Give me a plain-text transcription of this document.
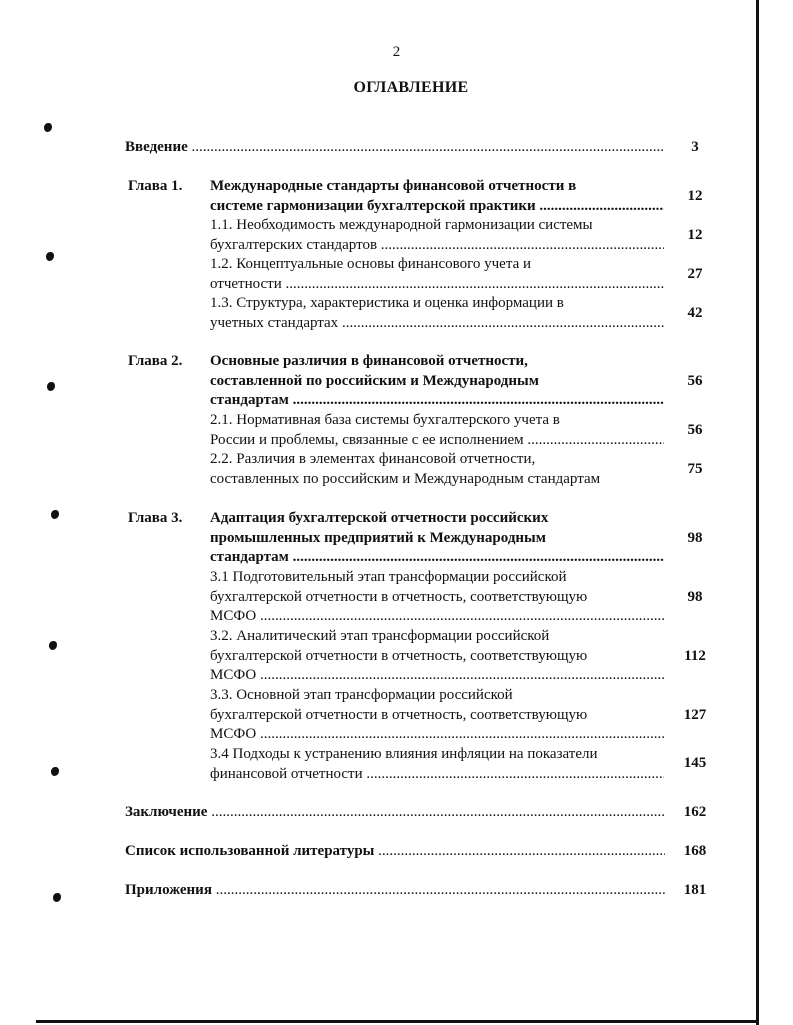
2
ОГЛАВЛЕНИЕ
Введение .....	3
Глава 1. Международные стандарты финансовой отчетности в
системе гармонизации бухгалтерской практики .....
12
1.1. Необходимость международной гармонизации системы
бухгалтерских стандартов .....
12
1.2. Концептуальные основы финансового учета и
отчетности .....
27
1.3. Структура, характеристика и оценка информации в
учетных стандартах .....
42
Глава 2. Основные различия в финансовой отчетности,
составленной по российским и Международным
стандартам .....
56
2.1. Нормативная база системы бухгалтерского учета в
России и проблемы, связанные с ее исполнением .....
56
2.2. Различия в элементах финансовой отчетности,
составленных по российским и Международным стандартам
75
Глава 3. Адаптация бухгалтерской отчетности российских
промышленных предприятий к Международным
стандартам .....
98
3.1 Подготовительный этап трансформации российской
бухгалтерской отчетности в отчетность, соответствующую
МСФО .....
98
3.2. Аналитический этап трансформации российской
бухгалтерской отчетности в отчетность, соответствующую
МСФО .....
112
3.3. Основной этап трансформации российской
бухгалтерской отчетности в отчетность, соответствующую
МСФО .....
127
3.4 Подходы к устранению влияния инфляции на показатели
финансовой отчетности .....
145
Заключение .....	162
Список использованной литературы .....	168
Приложения .....	181
